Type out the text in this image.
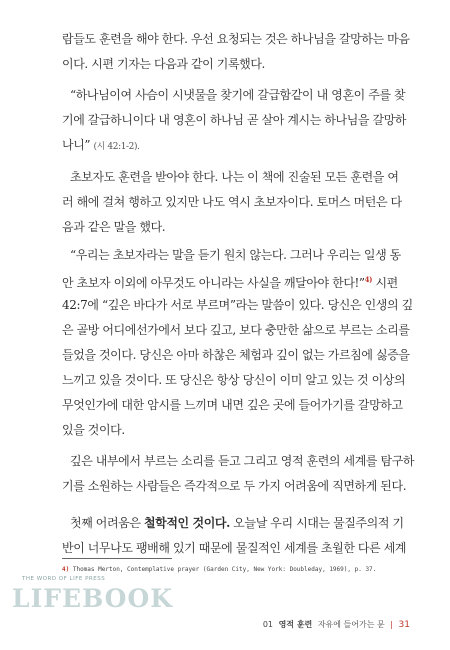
람들도 훈련을 해야 한다. 우선 요청되는 것은 하나님을 갈망하는 마음
이다. 시편 기자는 다음과 같이 기록했다.
“하나님이여 사슴이 시냇물을 찾기에 갈급함같이 내 영혼이 주를 찾
기에 갈급하니이다 내 영혼이 하나님 곧 살아 계시는 하나님을 갈망하
나니” (시 42:1-2).
초보자도 훈련을 받아야 한다. 나는 이 책에 진술된 모든 훈련을 여
러 해에 걸쳐 행하고 있지만 나도 역시 초보자이다. 토머스 머턴은 다
음과 같은 말을 했다.
“우리는 초보자라는 말을 듣기 원치 않는다. 그러나 우리는 일생 동
안 초보자 이외에 아무것도 아니라는 사실을 깨달아야 한다!”$^{4)}$ 시편
42:7에 “깊은 바다가 서로 부르며”라는 말씀이 있다. 당신은 인생의 깊
은 골방 어디에선가에서 보다 깊고, 보다 충만한 삶으로 부르는 소리를
들었을 것이다. 당신은 아마 하찮은 체험과 깊이 없는 가르침에 싫증을
느끼고 있을 것이다. 또 당신은 항상 당신이 이미 알고 있는 것 이상의
무엇인가에 대한 암시를 느끼며 내면 깊은 곳에 들어가기를 갈망하고
있을 것이다.
깊은 내부에서 부르는 소리를 듣고 그리고 영적 훈련의 세계를 탐구하
기를 소원하는 사람들은 즉각적으로 두 가지 어려움에 직면하게 된다.
첫째 어려움은 철학적인 것이다. 오늘날 우리 시대는 물질주의적 기
반이 너무나도 팽배해 있기 때문에 물질적인 세계를 초월한 다른 세계
4) Thomas Merton, Contemplative prayer (Garden City, New York: Doubleday, 1969), p. 37.
THE WORD OF LIFE PRESS
LIFEBOOK
01 영적 훈련 자유에 들어가는 문 | 31
